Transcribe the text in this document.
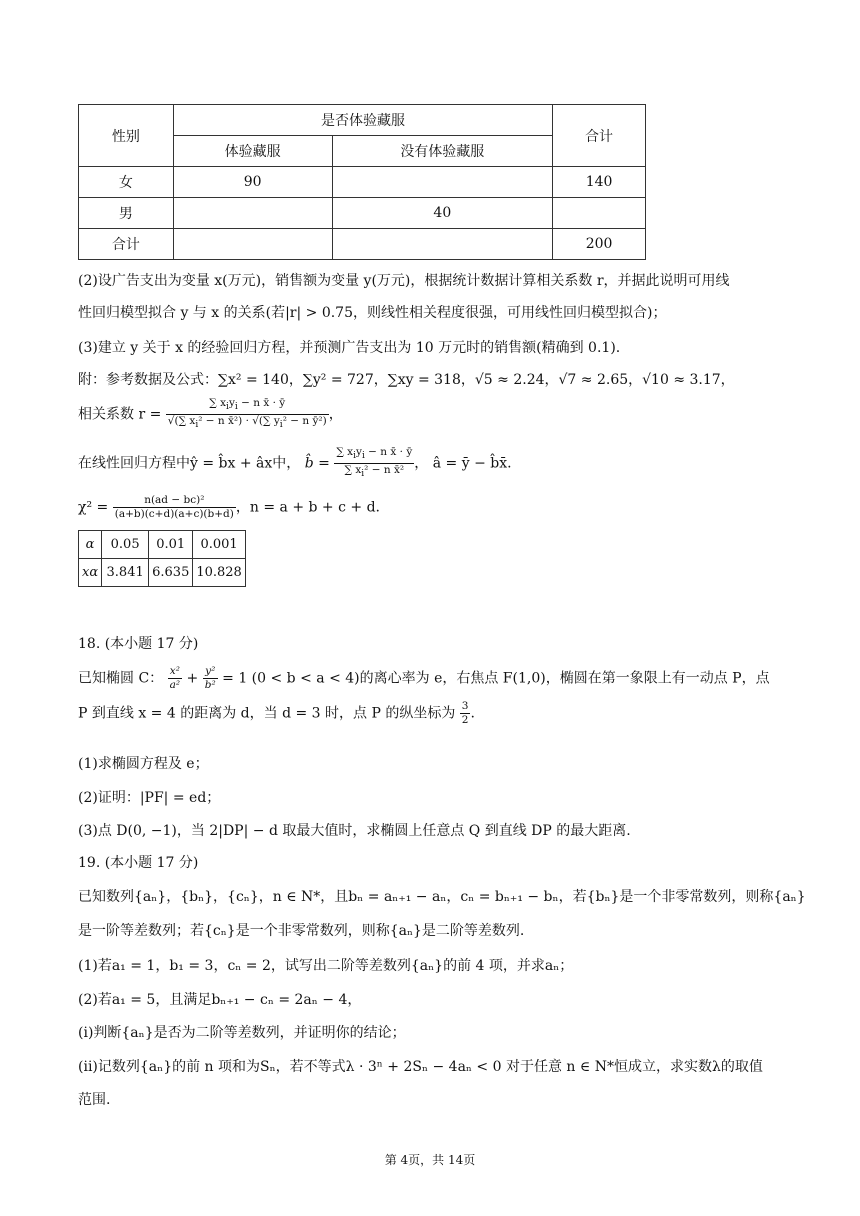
性别	是否体验藏服		合计
	体验藏服	没有体验藏服	
女	90		140
男		40	
合计			200
(2)设广告支出为变量 x(万元)，销售额为变量 y(万元)，根据统计数据计算相关系数 r，并据此说明可用线
性回归模型拟合 y 与 x 的关系(若|r| > 0.75，则线性相关程度很强，可用线性回归模型拟合)；
(3)建立 y 关于 x 的经验回归方程，并预测广告支出为 10 万元时的销售额(精确到 0.1).
附：参考数据及公式：∑x² = 140，∑y² = 727，∑xy = 318，√5 ≈ 2.24，√7 ≈ 2.65，√10 ≈ 3.17，
相关系数 $r = \frac{\text{∑ xiyi − n x̄ · ȳ}}{\text{√(∑ xi² − n x̄²) · √(∑ yi² − n ȳ²)}}$ ，
在线性回归方程中ŷ = b̂x + âx中， b̂ = $\frac{\text{∑ xiyi − n x̄ · ȳ}}{\text{∑ xi² − n x̄²}}$ ， â = ȳ − b̂x̄.
$\chi^2 = \frac{\text{n(ad − bc)²}}{(a+b)(c+d)(a+c)(b+d)}$ ，n = a + b + c + d.
α	0.05	0.01	0.001
xα	3.841	6.635	10.828
18. (本小题 17 分)
已知椭圆 C： $\frac{\text{x²}}{\text{a²}} + \frac{\text{y²}}{\text{b²}} = 1$ (0 < b < a < 4)的离心率为 e，右焦点 F(1,0)，椭圆在第一象限上有一动点 P，点
P 到直线 x = 4 的距离为 d，当 d = 3 时，点 P 的纵坐标为 $\frac{3}{2}$ .
(1)求椭圆方程及 e；
(2)证明：|PF| = ed；
(3)点 D(0, −1)，当 2|DP| − d 取最大值时，求椭圆上任意点 Q 到直线 DP 的最大距离.
19. (本小题 17 分)
已知数列{aₙ}，{bₙ}，{cₙ}，n ∈ N*，且bₙ = aₙ₊₁ − aₙ，cₙ = bₙ₊₁ − bₙ，若{bₙ}是一个非零常数列，则称{aₙ}
是一阶等差数列；若{cₙ}是一个非零常数列，则称{aₙ}是二阶等差数列.
(1)若a₁ = 1，b₁ = 3，cₙ = 2，试写出二阶等差数列{aₙ}的前 4 项，并求aₙ；
(2)若a₁ = 5，且满足bₙ₊₁ − cₙ = 2aₙ − 4，
(i)判断{aₙ}是否为二阶等差数列，并证明你的结论；
(ii)记数列{aₙ}的前 n 项和为Sₙ，若不等式λ · 3ⁿ + 2Sₙ − 4aₙ < 0 对于任意 n ∈ N*恒成立，求实数λ的取值
范围.
第 4页，共 14页
